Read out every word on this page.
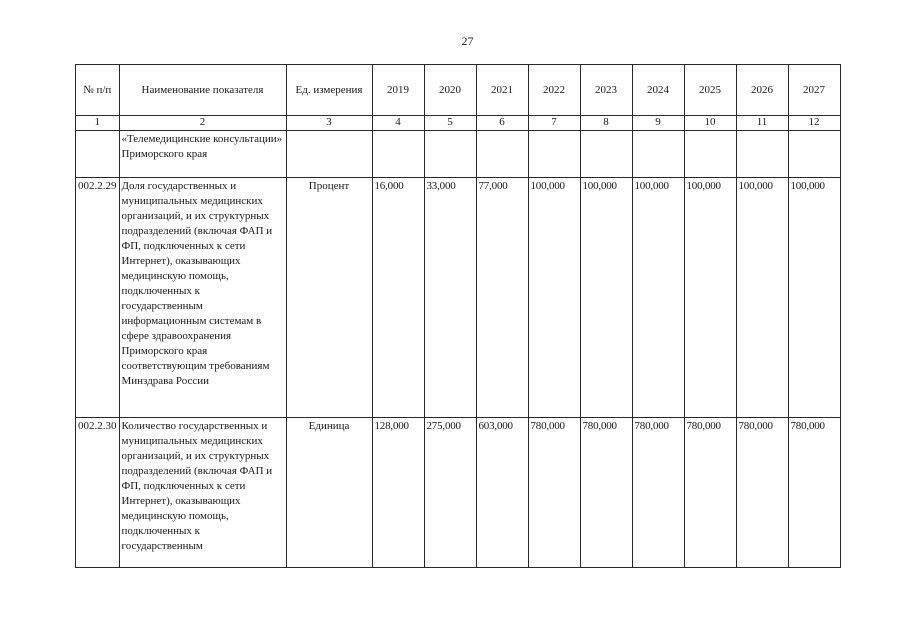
27
№ п/п	Наименование показателя	Ед. измерения	2019	2020	2021	2022	2023	2024	2025	2026	2027
1	2	3	4	5	6	7	8	9	10	11	12
	«Телемедицинские консультации» Приморского края										
002.2.29	Доля государственных и муниципальных медицинских организаций, и их структурных подразделений (включая ФАП и ФП, подключенных к сети Интернет), оказывающих медицинскую помощь, подключенных к государственным информационным системам в сфере здравоохранения Приморского края соответствующим требованиям Минздрава России	Процент	16,000	33,000	77,000	100,000	100,000	100,000	100,000	100,000	100,000
002.2.30	Количество государственных и муниципальных медицинских организаций, и их структурных подразделений (включая ФАП и ФП, подключенных к сети Интернет), оказывающих медицинскую помощь, подключенных к государственным	Единица	128,000	275,000	603,000	780,000	780,000	780,000	780,000	780,000	780,000
